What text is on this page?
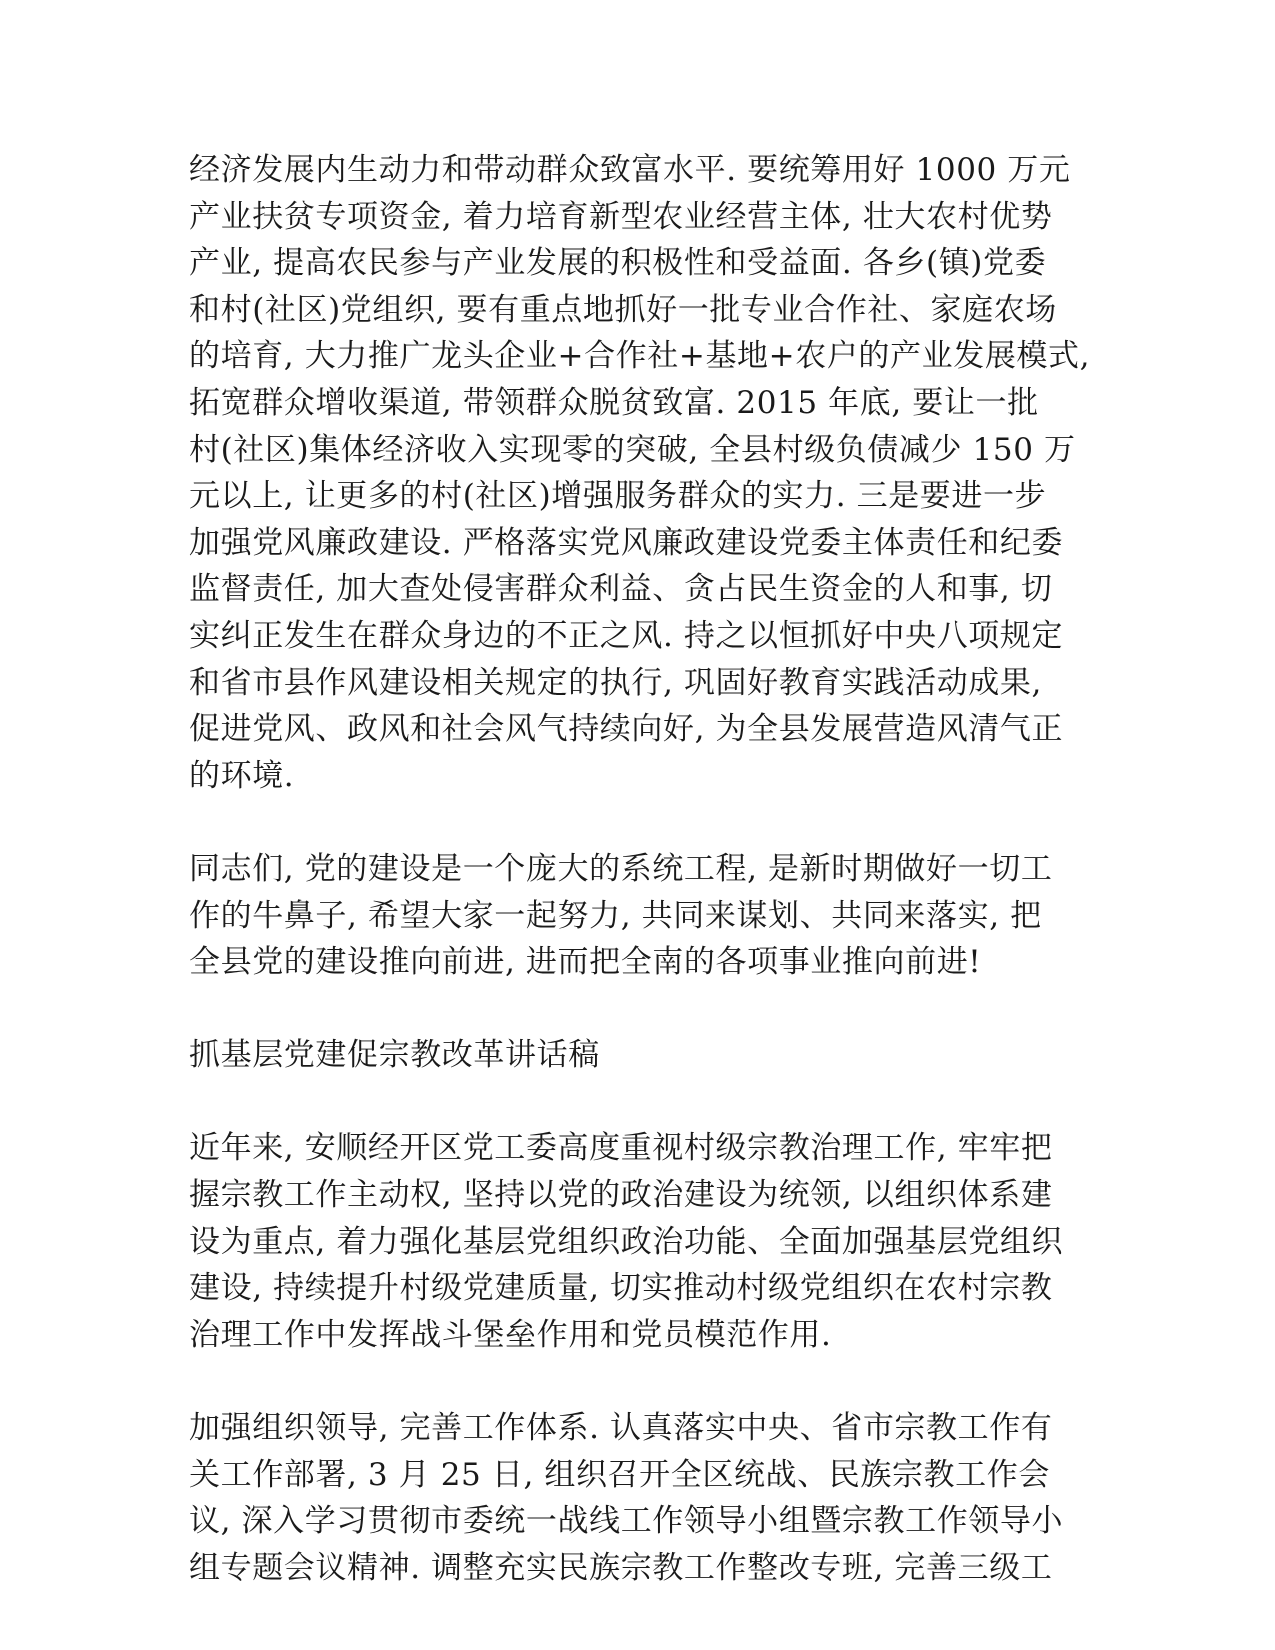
经济发展内生动力和带动群众致富水平. 要统筹用好 1000 万元
产业扶贫专项资金, 着力培育新型农业经营主体, 壮大农村优势
产业, 提高农民参与产业发展的积极性和受益面. 各乡(镇)党委
和村(社区)党组织, 要有重点地抓好一批专业合作社、家庭农场
的培育, 大力推广龙头企业+合作社+基地+农户的产业发展模式,
拓宽群众增收渠道, 带领群众脱贫致富. 2015 年底, 要让一批
村(社区)集体经济收入实现零的突破, 全县村级负债减少 150 万
元以上, 让更多的村(社区)增强服务群众的实力. 三是要进一步
加强党风廉政建设. 严格落实党风廉政建设党委主体责任和纪委
监督责任, 加大查处侵害群众利益、贪占民生资金的人和事, 切
实纠正发生在群众身边的不正之风. 持之以恒抓好中央八项规定
和省市县作风建设相关规定的执行, 巩固好教育实践活动成果,
促进党风、政风和社会风气持续向好, 为全县发展营造风清气正
的环境.
同志们, 党的建设是一个庞大的系统工程, 是新时期做好一切工
作的牛鼻子, 希望大家一起努力, 共同来谋划、共同来落实, 把
全县党的建设推向前进, 进而把全南的各项事业推向前进!
抓基层党建促宗教改革讲话稿
近年来, 安顺经开区党工委高度重视村级宗教治理工作, 牢牢把
握宗教工作主动权, 坚持以党的政治建设为统领, 以组织体系建
设为重点, 着力强化基层党组织政治功能、全面加强基层党组织
建设, 持续提升村级党建质量, 切实推动村级党组织在农村宗教
治理工作中发挥战斗堡垒作用和党员模范作用.
加强组织领导, 完善工作体系. 认真落实中央、省市宗教工作有
关工作部署, 3 月 25 日, 组织召开全区统战、民族宗教工作会
议, 深入学习贯彻市委统一战线工作领导小组暨宗教工作领导小
组专题会议精神. 调整充实民族宗教工作整改专班, 完善三级工
